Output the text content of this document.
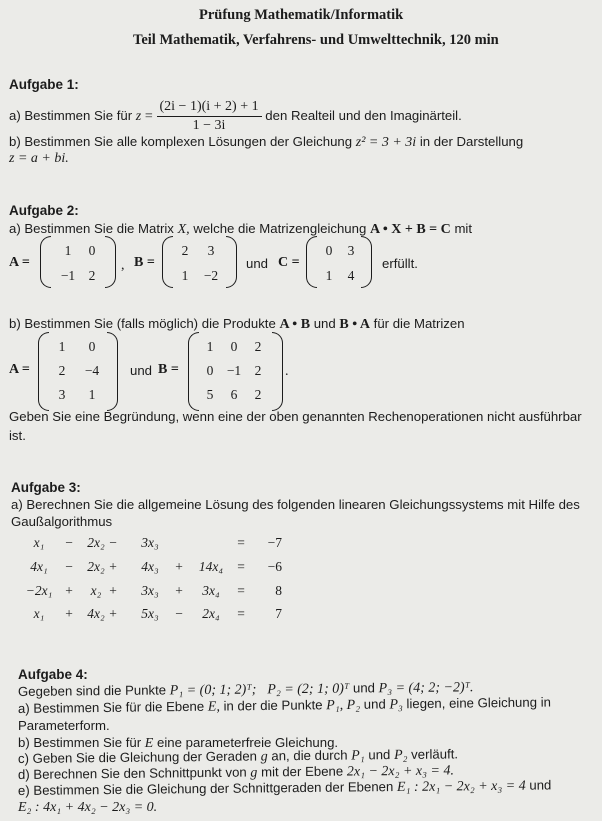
Prüfung Mathematik/Informatik
Teil Mathematik, Verfahrens- und Umwelttechnik, 120 min
Aufgabe 1:
a) Bestimmen Sie für $z = \frac{(2i - 1)(i + 2) + 1}{1 - 3i}$ den Realteil und den Imaginärteil.
b) Bestimmen Sie alle komplexen Lösungen der Gleichung z² = 3 + 3i in der Darstellung
z = a + bi.
Aufgabe 2:
a) Bestimmen Sie die Matrix X, welche die Matrizengleichung A • X + B = C mit
A =
1	0
−1 2
, B =
2	3
1	−2
und C =
0	3
1	4
erfüllt.
b) Bestimmen Sie (falls möglich) die Produkte A • B und B • A für die Matrizen
A =
1	0
2	−4
3	1
und B =
1	0	2
0 −1 2
5	6	2
.
Geben Sie eine Begründung, wenn eine der oben genannten Rechenoperationen nicht ausführbar
ist.
Aufgabe 3:
a) Berechnen Sie die allgemeine Lösung des folgenden linearen Gleichungssystems mit Hilfe des
Gaußalgorithmus
x₁	−	2x₂ −	3x₃	=	−7
4x₁	−	2x₂ +	4x₃	+	14x₄	=	−6
−2x₁ +	x₂ +	3x₃	+	3x₄	=	8
x₁	+	4x₂ +	5x₃	−	2x₄	=	7
Aufgabe 4:
Gegeben sind die Punkte P₁ = (0; 1; 2)ᵀ; P₂ = (2; 1; 0)ᵀ und P₃ = (4; 2; −2)ᵀ.
a) Bestimmen Sie für die Ebene E, in der die Punkte P₁, P₂ und P₃ liegen, eine Gleichung in
Parameterform.
b) Bestimmen Sie für E eine parameterfreie Gleichung.
c) Geben Sie die Gleichung der Geraden g an, die durch P₁ und P₂ verläuft.
d) Berechnen Sie den Schnittpunkt von g mit der Ebene 2x₁ − 2x₂ + x₃ = 4.
e) Bestimmen Sie die Gleichung der Schnittgeraden der Ebenen E₁ : 2x₁ − 2x₂ + x₃ = 4 und
E₂ : 4x₁ + 4x₂ − 2x₃ = 0.
